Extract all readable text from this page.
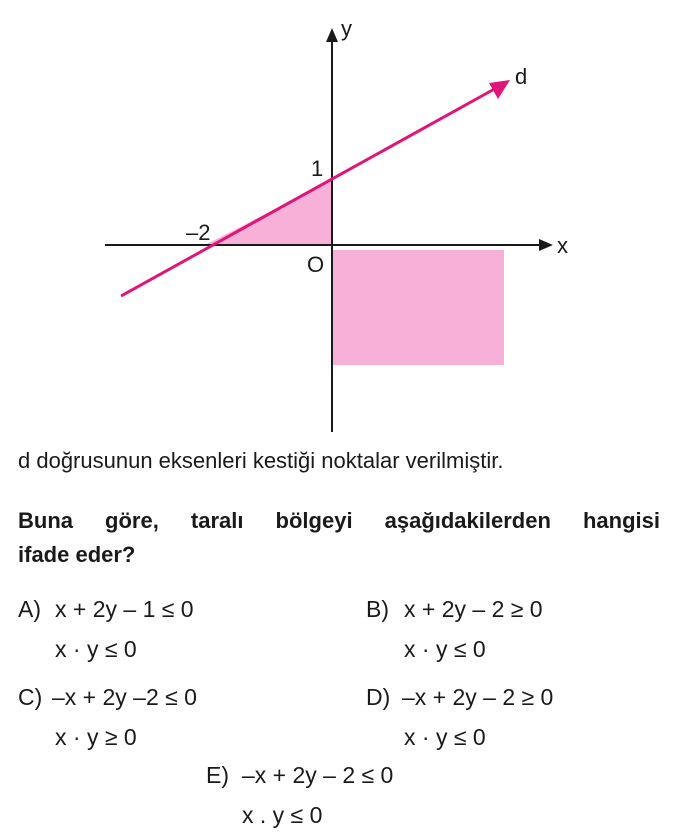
y
x
d
1
–2
O
d doğrusunun eksenleri kestiği noktalar verilmiştir.
Buna göre, taralı bölgeyi aşağıdakilerden hangisi
ifade eder?
A) x + 2y – 1 ≤ 0
x · y ≤ 0
B) x + 2y – 2 ≥ 0
x · y ≤ 0
C) –x + 2y –2 ≤ 0
x · y ≥ 0
D) –x + 2y – 2 ≥ 0
x · y ≤ 0
E) –x + 2y – 2 ≤ 0
x . y ≤ 0
